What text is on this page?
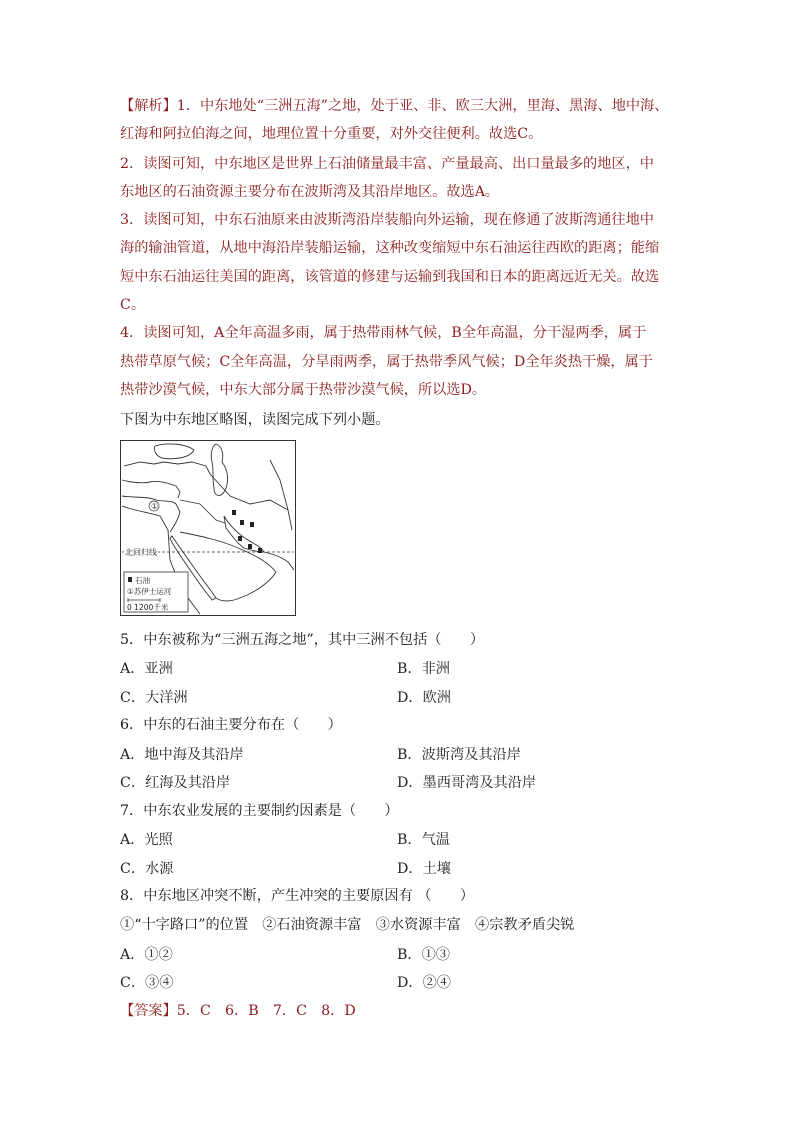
【解析】1．中东地处“三洲五海”之地，处于亚、非、欧三大洲，里海、黑海、地中海、
红海和阿拉伯海之间，地理位置十分重要，对外交往便利。故选C。
2．读图可知，中东地区是世界上石油储量最丰富、产量最高、出口量最多的地区，中
东地区的石油资源主要分布在波斯湾及其沿岸地区。故选A。
3．读图可知，中东石油原来由波斯湾沿岸装船向外运输，现在修通了波斯湾通往地中
海的输油管道，从地中海沿岸装船运输，这种改变缩短中东石油运往西欧的距离；能缩
短中东石油运往美国的距离，该管道的修建与运输到我国和日本的距离远近无关。故选
C。
4．读图可知，A全年高温多雨，属于热带雨林气候，B全年高温，分干湿两季，属于
热带草原气候；C全年高温，分旱雨两季，属于热带季风气候；D全年炎热干燥，属于
热带沙漠气候，中东大部分属于热带沙漠气候，所以选D。
下图为中东地区略图，读图完成下列小题。
①
北回归线
石油
①苏伊士运河
0 1200千米
5．中东被称为“三洲五海之地”，其中三洲不包括（　　）
A．亚洲	B．非洲
C．大洋洲	D．欧洲
6．中东的石油主要分布在（　　）
A．地中海及其沿岸	B．波斯湾及其沿岸
C．红海及其沿岸	D．墨西哥湾及其沿岸
7．中东农业发展的主要制约因素是（　　）
A．光照	B．气温
C．水源	D．土壤
8．中东地区冲突不断，产生冲突的主要原因有 （　　）
①“十字路口”的位置　②石油资源丰富　③水资源丰富　④宗教矛盾尖锐
A．①②	B．①③
C．③④	D．②④
【答案】5．C　6．B　7．C　8．D
